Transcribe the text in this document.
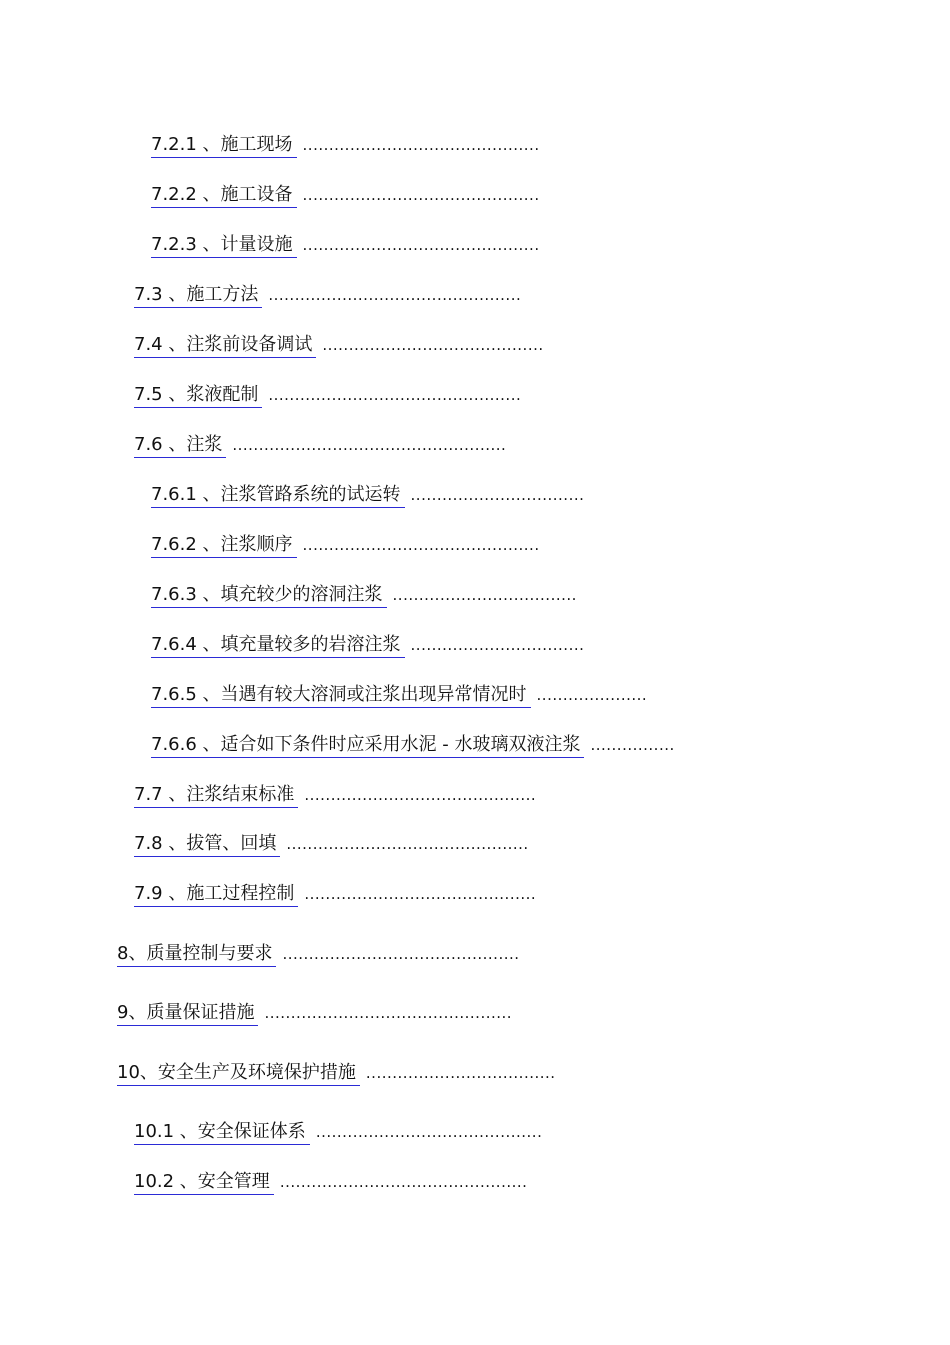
7.2.1 、施工现场 .............................................
7.2.2 、施工设备 .............................................
7.2.3 、计量设施 .............................................
7.3 、施工方法 ................................................
7.4 、注浆前设备调试 ..........................................
7.5 、浆液配制 ................................................
7.6 、注浆 ....................................................
7.6.1 、注浆管路系统的试运转 .................................
7.6.2 、注浆顺序 .............................................
7.6.3 、填充较少的溶洞注浆 ...................................
7.6.4 、填充量较多的岩溶注浆 .................................
7.6.5 、当遇有较大溶洞或注浆出现异常情况时 .....................
7.6.6 、适合如下条件时应采用水泥 - 水玻璃双液注浆 ................
7.7 、注浆结束标准 ............................................
7.8 、拔管、回填 ..............................................
7.9 、施工过程控制 ............................................
8、质量控制与要求 .............................................
9、质量保证措施 ...............................................
10、安全生产及环境保护措施 ....................................
10.1 、安全保证体系 ...........................................
10.2 、安全管理 ...............................................
